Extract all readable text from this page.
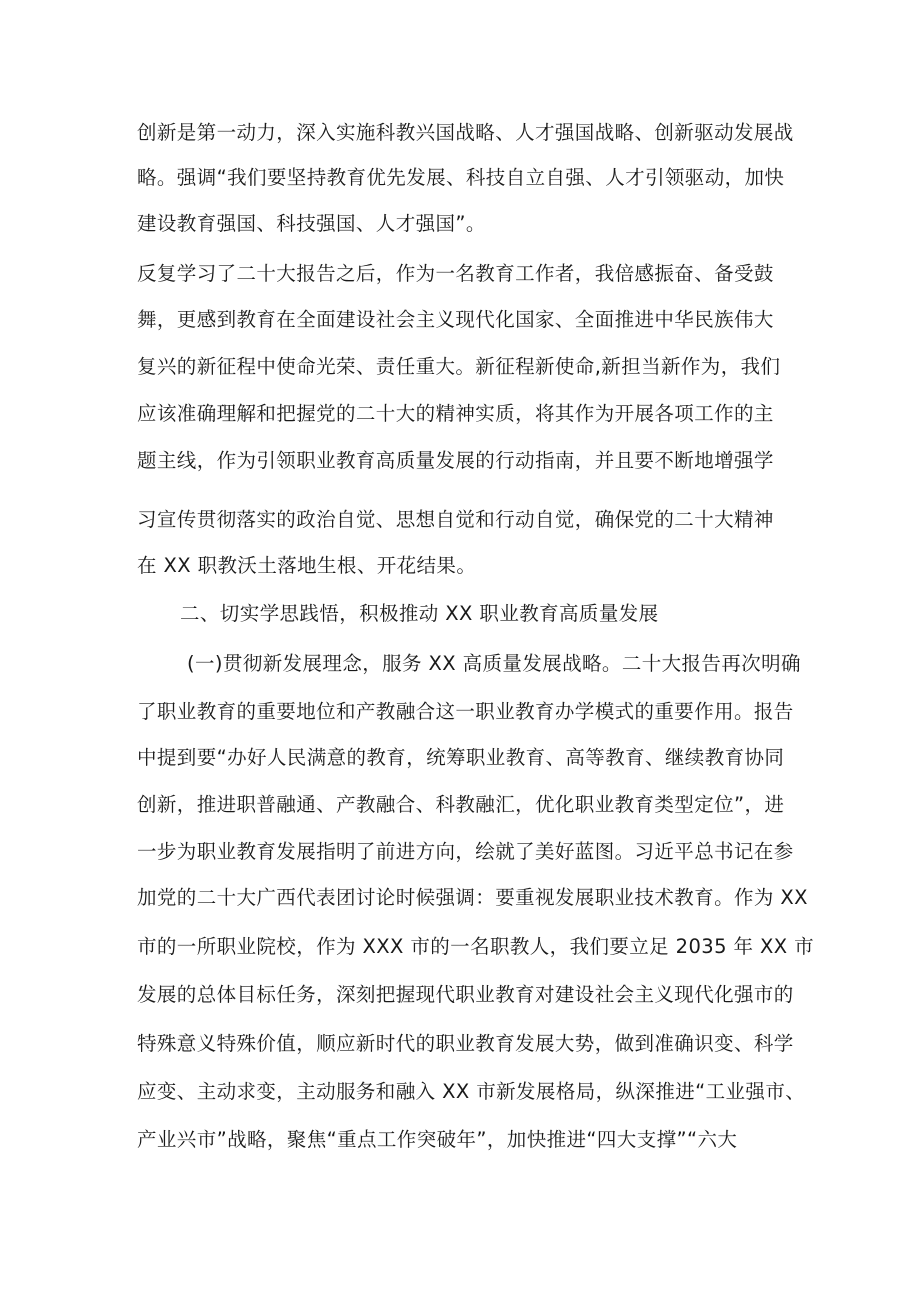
创新是第一动力，深入实施科教兴国战略、人才强国战略、创新驱动发展战
略。强调“我们要坚持教育优先发展、科技自立自强、人才引领驱动，加快
建设教育强国、科技强国、人才强国”。
反复学习了二十大报告之后，作为一名教育工作者，我倍感振奋、备受鼓
舞，更感到教育在全面建设社会主义现代化国家、全面推进中华民族伟大
复兴的新征程中使命光荣、责任重大。新征程新使命,新担当新作为，我们
应该准确理解和把握党的二十大的精神实质，将其作为开展各项工作的主
题主线，作为引领职业教育高质量发展的行动指南，并且要不断地增强学
习宣传贯彻落实的政治自觉、思想自觉和行动自觉，确保党的二十大精神
在 XX 职教沃土落地生根、开花结果。
二、切实学思践悟，积极推动 XX 职业教育高质量发展
(一)贯彻新发展理念，服务 XX 高质量发展战略。二十大报告再次明确
了职业教育的重要地位和产教融合这一职业教育办学模式的重要作用。报告
中提到要“办好人民满意的教育，统筹职业教育、高等教育、继续教育协同
创新，推进职普融通、产教融合、科教融汇，优化职业教育类型定位”，进
一步为职业教育发展指明了前进方向，绘就了美好蓝图。习近平总书记在参
加党的二十大广西代表团讨论时候强调：要重视发展职业技术教育。作为 XX
市的一所职业院校，作为 XXX 市的一名职教人，我们要立足 2035 年 XX 市
发展的总体目标任务，深刻把握现代职业教育对建设社会主义现代化强市的
特殊意义特殊价值，顺应新时代的职业教育发展大势，做到准确识变、科学
应变、主动求变，主动服务和融入 XX 市新发展格局，纵深推进“工业强市、
产业兴市”战略，聚焦“重点工作突破年”，加快推进“四大支撑”“六大
